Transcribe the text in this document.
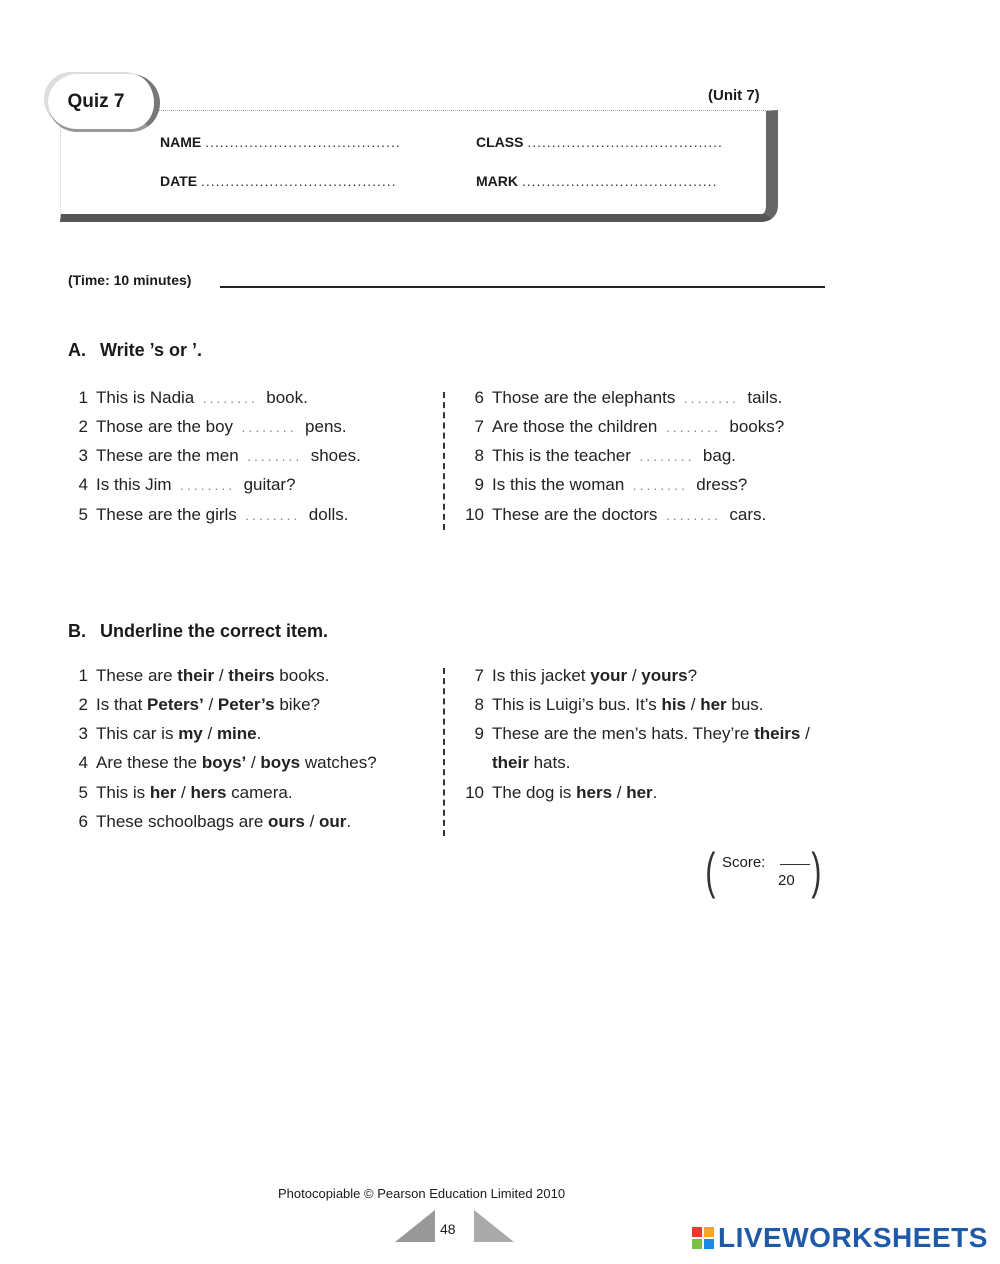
Quiz 7	(Unit 7)
NAME ........................................	CLASS ........................................
DATE ........................................	MARK ........................................
(Time: 10 minutes)
A. Write ’s or ’.
1 This is Nadia ........ book.
2 Those are the boy ........ pens.
3 These are the men ........ shoes.
4 Is this Jim ........ guitar?
5 These are the girls ........ dolls.
6 Those are the elephants ........ tails.
7 Are those the children ........ books?
8 This is the teacher ........ bag.
9 Is this the woman ........ dress?
10 These are the doctors ........ cars.
B. Underline the correct item.
1 These are their / theirs books.
2 Is that Peters’ / Peter’s bike?
3 This car is my / mine.
4 Are these the boys’ / boys watches?
5 This is her / hers camera.
6 These schoolbags are ours / our.
7 Is this jacket your / yours?
8 This is Luigi’s bus. It’s his / her bus.
9 These are the men’s hats. They’re theirs /
their hats.
10 The dog is hers / her.
( Score:
20 )
Photocopiable © Pearson Education Limited 2010
48	LIVEWORKSHEETS
